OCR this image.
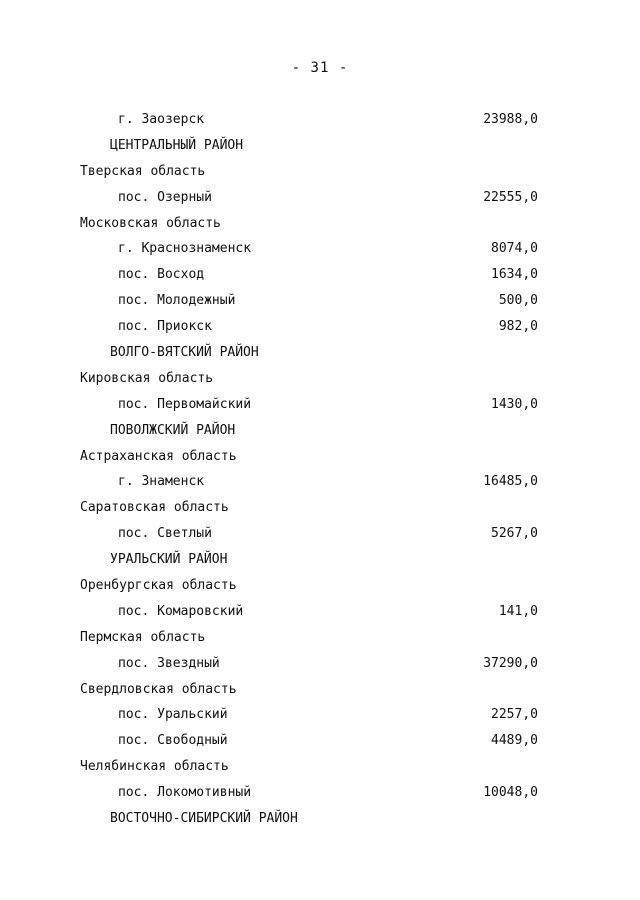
- 31 -
г. Заозерск	23988,0
ЦЕНТРАЛЬНЫЙ РАЙОН
Тверская область
пос. Озерный	22555,0
Московская область
г. Краснознаменск	8074,0
пос. Восход	1634,0
пос. Молодежный	500,0
пос. Приокск	982,0
ВОЛГО-ВЯТСКИЙ РАЙОН
Кировская область
пос. Первомайский	1430,0
ПОВОЛЖСКИЙ РАЙОН
Астраханская область
г. Знаменск	16485,0
Саратовская область
пос. Светлый	5267,0
УРАЛЬСКИЙ РАЙОН
Оренбургская область
пос. Комаровский	141,0
Пермская область
пос. Звездный	37290,0
Свердловская область
пос. Уральский	2257,0
пос. Свободный	4489,0
Челябинская область
пос. Локомотивный	10048,0
ВОСТОЧНО-СИБИРСКИЙ РАЙОН
